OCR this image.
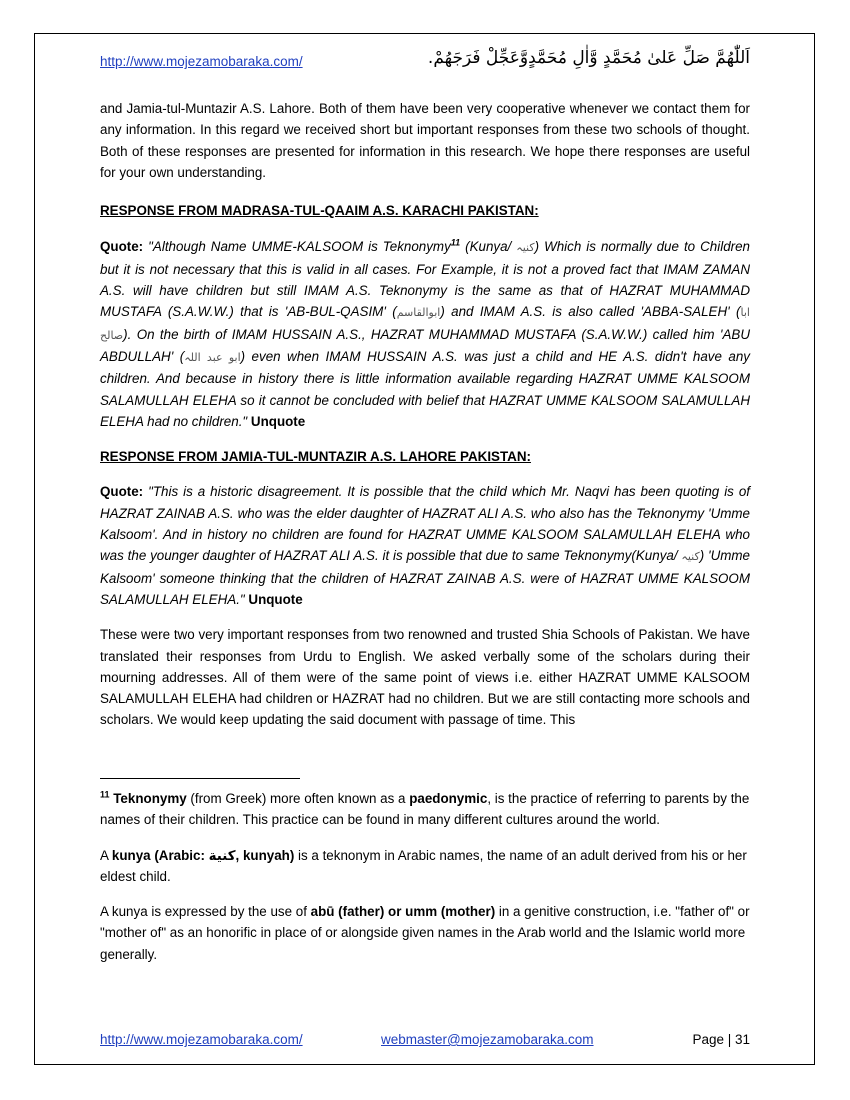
http://www.mojezamobaraka.com/	اَللّٰهُمَّ صَلِّ عَلىٰ مُحَمَّدٍ وَّاٰلِ مُحَمَّدٍوَّعَجِّلْ فَرَجَهُمْ.

and Jamia-tul-Muntazir A.S. Lahore. Both of them have been very cooperative whenever we contact them for any information. In this regard we received short but important responses from these two schools of thought. Both of these responses are presented for information in this research. We hope there responses are useful for your own understanding.

RESPONSE FROM MADRASA-TUL-QAAIM A.S. KARACHI PAKISTAN:

Quote: "Although Name UMME-KALSOOM is Teknonymy$^{11}$ (Kunya/ کنیہ) Which is normally due to Children but it is not necessary that this is valid in all cases. For Example, it is not a proved fact that IMAM ZAMAN A.S. will have children but still IMAM A.S. Teknonymy is the same as that of HAZRAT MUHAMMAD MUSTAFA (S.A.W.W.) that is 'AB-BUL-QASIM' (ابوالقاسم) and IMAM A.S. is also called 'ABBA-SALEH' (ابا صالح). On the birth of IMAM HUSSAIN A.S., HAZRAT MUHAMMAD MUSTAFA (S.A.W.W.) called him 'ABU ABDULLAH' (ابو عبد اللہ) even when IMAM HUSSAIN A.S. was just a child and HE A.S. didn't have any children. And because in history there is little information available regarding HAZRAT UMME KALSOOM SALAMULLAH ELEHA so it cannot be concluded with belief that HAZRAT UMME KALSOOM SALAMULLAH ELEHA had no children." Unquote

RESPONSE FROM JAMIA-TUL-MUNTAZIR A.S. LAHORE PAKISTAN:

Quote: "This is a historic disagreement. It is possible that the child which Mr. Naqvi has been quoting is of HAZRAT ZAINAB A.S. who was the elder daughter of HAZRAT ALI A.S. who also has the Teknonymy 'Umme Kalsoom'. And in history no children are found for HAZRAT UMME KALSOOM SALAMULLAH ELEHA who was the younger daughter of HAZRAT ALI A.S. it is possible that due to same Teknonymy(Kunya/ کنیہ) 'Umme Kalsoom' someone thinking that the children of HAZRAT ZAINAB A.S. were of HAZRAT UMME KALSOOM SALAMULLAH ELEHA." Unquote

These were two very important responses from two renowned and trusted Shia Schools of Pakistan. We have translated their responses from Urdu to English. We asked verbally some of the scholars during their mourning addresses. All of them were of the same point of views i.e. either HAZRAT UMME KALSOOM SALAMULLAH ELEHA had children or HAZRAT had no children. But we are still contacting more schools and scholars. We would keep updating the said document with passage of time. This

$^{11}$ Teknonymy (from Greek) more often known as a paedonymic, is the practice of referring to parents by the names of their children. This practice can be found in many different cultures around the world.

A kunya (Arabic: كنية, kunyah) is a teknonym in Arabic names, the name of an adult derived from his or her eldest child.

A kunya is expressed by the use of abū (father) or umm (mother) in a genitive construction, i.e. "father of" or "mother of" as an honorific in place of or alongside given names in the Arab world and the Islamic world more generally.

http://www.mojezamobaraka.com/	webmaster@mojezamobaraka.com	Page | 31
